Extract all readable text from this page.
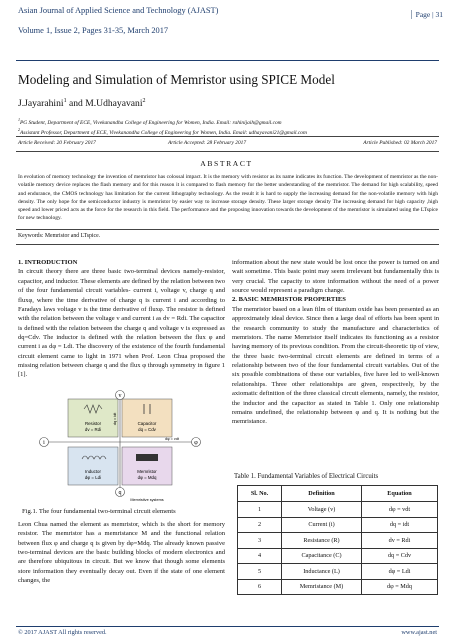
Asian Journal of Applied Science and Technology (AJAST)
Volume 1, Issue 2, Pages 31-35, March 2017
Page | 31
Modeling and Simulation of Memristor using SPICE Model
J.Jayarahini$^1$ and M.Udhayavani$^2$
$^1$PG Student, Department of ECE, Vivekanandha College of Engineering for Women, India. Email: rahinijaih@gmail.com
$^2$Assistant Professor, Department of ECE, Vivekanandha College of Engineering for Women, India. Email: udhayavani21@gmail.com
Article Received: 20 February 2017	Article Accepted: 28 February 2017	Article Published: 02 March 2017
ABSTRACT
In evolution of memory technology the invention of memristor has colossal impact. It is the memory with resistor as its name indicates its function. The development of memristor as the non-volatile memory device replaces the flash memory and for this reason it is compared to flash memory for the better understanding of the memristor. The demand for high scalability, speed and endurance, the CMOS technology has limitation for the current lithography technology. As the result it is hard to supply the increasing demand for the non-volatile memory with high density. The only hope for the semiconductor industry is memristor by easier way to increase storage density. These larger storage density The increasing demand for high capacity ,high speed and lower priced acts as the force for the research in this field. The performance and the proposing innovation towards the development of the memristor is simulated using the LTspice for new technology.
Keywords: Memristor and LTspice.

1. INTRODUCTION

In circuit theory there are three basic two-terminal devices namely-resistor, capacitor, and inductor. These elements are defined by the relation between two of the four fundamental circuit variables- current i, voltage v, charge q and fluxφ, where the time derivative of charge q is current i and according to Faradays laws voltage v is the time derivative of fluxφ. The resistor is defined with the relation between the voltage v and current i as dv = Rdi. The capacitor is defined with the relation between the charge q and voltage v is expressed as dq=Cdv. The inductor is defined with the relation between the flux φ and current i as dφ = Ldi. The discovery of the existence of the fourth fundamental circuit element came to light in 1971 when Prof. Leon Chua proposed the missing relation between charge q and the flux φ through symmetry in figure 1 [1].

v
q
i	φ
Resistor
dv = Rdi
Capacitor
dq = Cdv
Inductor
dφ = Ldi
Memristor
dφ = Mdq
dq = idt
dφ = vdt
Memristive systems
Fig.1. The four fundamental two-terminal circuit elements

Leon Chua named the element as memristor, which is the short for memory resistor. The memristor has a memristance M and the functional relation between flux φ and charge q is given by dφ=Mdq. The already known passive two-terminal devices are the basic building blocks of modern electronics and are therefore ubiquitous in circuit. But we know that though some elements store information they eventually decay out. Even if the state of one element changes, the

information about the new state would be lost once the power is turned on and wait sometime. This basic point may seem irrelevant but fundamentally this is very crucial. The capacity to store information without the need of a power source would represent a paradigm change.

2. BASIC MEMRISTOR PROPERTIES

The memristor based on a lean film of titanium oxide has been presented as an approximately ideal device. Since then a large deal of efforts has been spent in the research community to study the manufacture and characteristics of memristors. The name Memristor itself indicates its functioning as a resistor having memory of its previous condition. From the circuit-theoretic tip of view, the three basic two-terminal circuit elements are defined in terms of a relationship between two of the four fundamental circuit variables. Out of the six possible combinations of these our variables, five have led to well-known relationships. Three other relationships are given, respectively, by the axiomatic definition of the three classical circuit elements, namely, the resistor, the inductor and the capacitor as stated in Table 1. Only one relationship remains undefined, the relationship between φ and q. It is nothing but the memristance.

Table 1. Fundamental Variables of Electrical Circuits
Sl. No.	Definition	Equation
1	Voltage (v)	dφ = vdt
2	Current (i)	dq = idt
3	Resistance (R)	dv = Rdi
4	Capacitance (C)	dq = Cdv
5	Inductance (L)	dφ = Ldi
6	Memristance (M)	dφ = Mdq
© 2017 AJAST All rights reserved.	www.ajast.net
